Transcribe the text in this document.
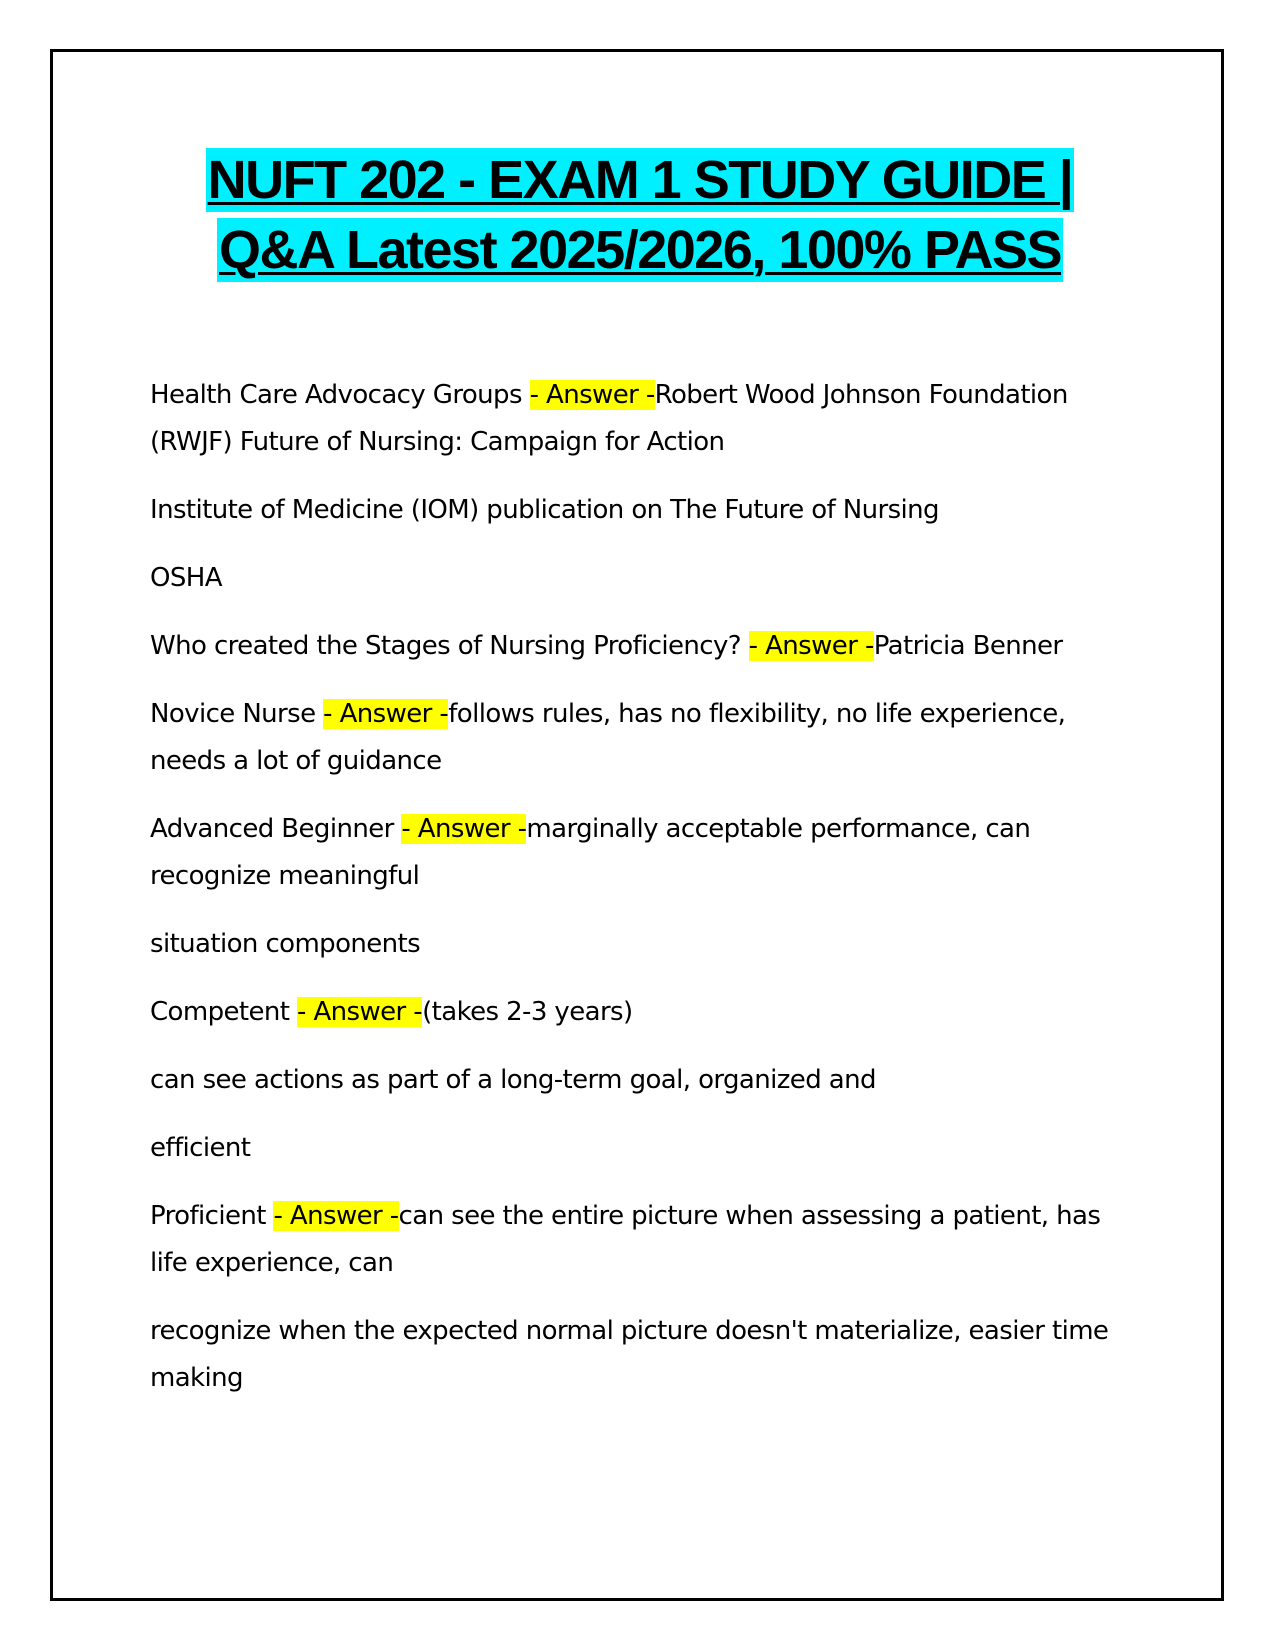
NUFT 202 - EXAM 1 STUDY GUIDE |
Q&A Latest 2025/2026, 100% PASS

Health Care Advocacy Groups - Answer -Robert Wood Johnson Foundation (RWJF) Future of Nursing: Campaign for Action

Institute of Medicine (IOM) publication on The Future of Nursing

OSHA

Who created the Stages of Nursing Proficiency? - Answer -Patricia Benner

Novice Nurse - Answer -follows rules, has no flexibility, no life experience, needs a lot of guidance

Advanced Beginner - Answer -marginally acceptable performance, can recognize meaningful

situation components

Competent - Answer -(takes 2-3 years)

can see actions as part of a long-term goal, organized and

efficient

Proficient - Answer -can see the entire picture when assessing a patient, has life experience, can

recognize when the expected normal picture doesn't materialize, easier time making
